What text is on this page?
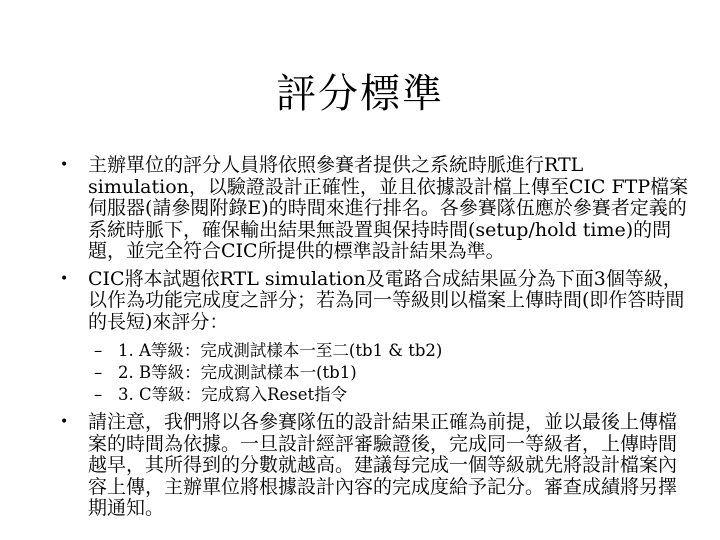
評分標準
• 主辦單位的評分人員將依照參賽者提供之系統時脈進行RTL simulation，以驗證設計正確性，並且依據設計檔上傳至CIC FTP檔案伺服器(請參閱附錄E)的時間來進行排名。各參賽隊伍應於參賽者定義的系統時脈下，確保輸出結果無設置與保持時間(setup/hold time)的問題，並完全符合CIC所提供的標準設計結果為準。
• CIC將本試題依RTL simulation及電路合成結果區分為下面3個等級，以作為功能完成度之評分；若為同一等級則以檔案上傳時間(即作答時間的長短)來評分：
– 1. A等級：完成測試樣本一至二(tb1 & tb2)
– 2. B等級：完成測試樣本一(tb1)
– 3. C等級：完成寫入Reset指令
• 請注意，我們將以各參賽隊伍的設計結果正確為前提，並以最後上傳檔案的時間為依據。一旦設計經評審驗證後，完成同一等級者，上傳時間越早，其所得到的分數就越高。建議每完成一個等級就先將設計檔案內容上傳，主辦單位將根據設計內容的完成度給予記分。審查成績將另擇期通知。
